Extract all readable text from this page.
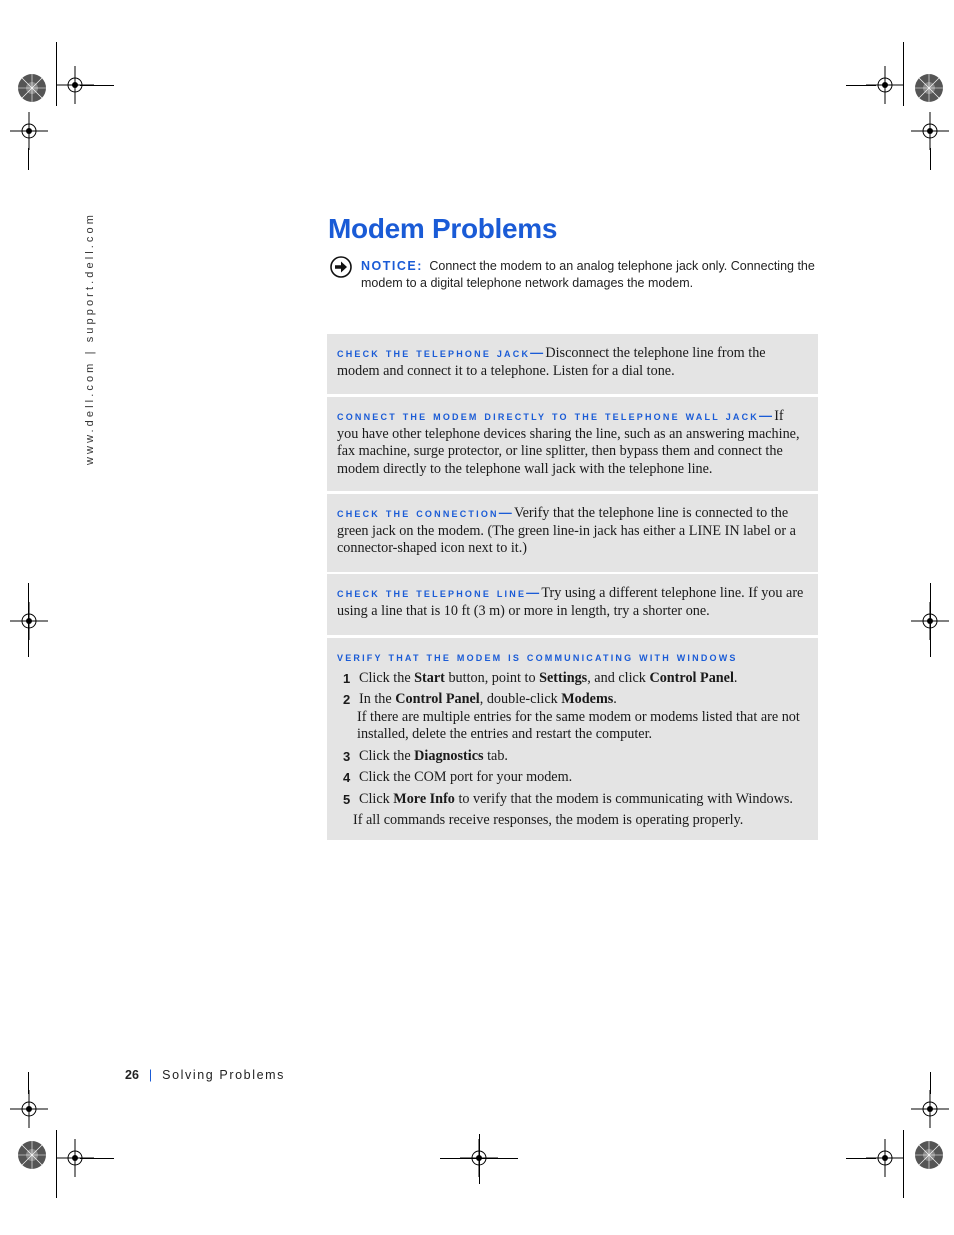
www.dell.com | support.dell.com	Modem Problems
NOTICE: Connect the modem to an analog telephone jack only. Connecting the modem to a digital telephone network damages the modem.
check the telephone jack—Disconnect the telephone line from the modem and connect it to a telephone. Listen for a dial tone.
connect the modem directly to the telephone wall jack—If you have other telephone devices sharing the line, such as an answering machine, fax machine, surge protector, or line splitter, then bypass them and connect the modem directly to the telephone wall jack with the telephone line.
check the connection—Verify that the telephone line is connected to the green jack on the modem. (The green line-in jack has either a LINE IN label or a connector-shaped icon next to it.)
check the telephone line—Try using a different telephone line. If you are using a line that is 10 ft (3 m) or more in length, try a shorter one.
verify that the modem is communicating with windows
1 Click the Start button, point to Settings, and click Control Panel.
2 In the Control Panel, double-click Modems.
If there are multiple entries for the same modem or modems listed that are not installed, delete the entries and restart the computer.
3 Click the Diagnostics tab.
4 Click the COM port for your modem.
5 Click More Info to verify that the modem is communicating with Windows.
If all commands receive responses, the modem is operating properly.
26 | Solving Problems
